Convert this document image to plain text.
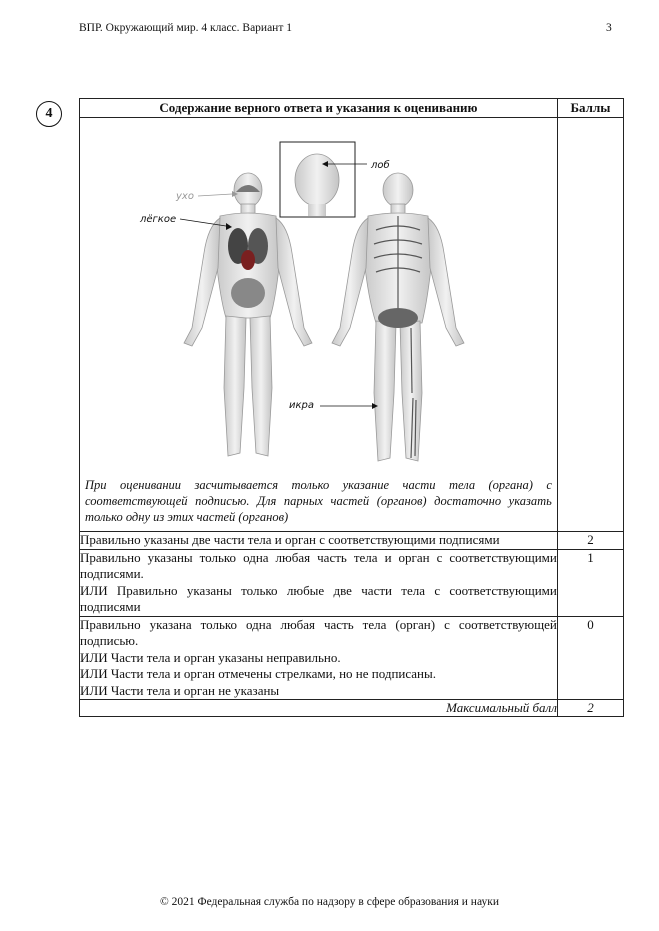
ВПР. Окружающий мир. 4 класс. Вариант 1	3
4	Содержание верного ответа и указания к оцениванию	Баллы

ухо
лёгкое
лоб
икра
При оценивании засчитывается только указание части тела (органа) с соответствующей подписью. Для парных частей (органов) достаточно указать только одну из этих частей (органов)	

Правильно указаны две части тела и орган с соответствующими подписями	2

Правильно указаны только одна любая часть тела и орган с соответствующими подписями.

ИЛИ Правильно указаны только любые две части тела с соответствующими подписями	1

Правильно указана только одна любая часть тела (орган) с соответствующей подписью.

ИЛИ Части тела и орган указаны неправильно.

ИЛИ Части тела и орган отмечены стрелками, но не подписаны.

ИЛИ Части тела и орган не указаны	0
Максимальный балл	2
© 2021 Федеральная служба по надзору в сфере образования и науки
